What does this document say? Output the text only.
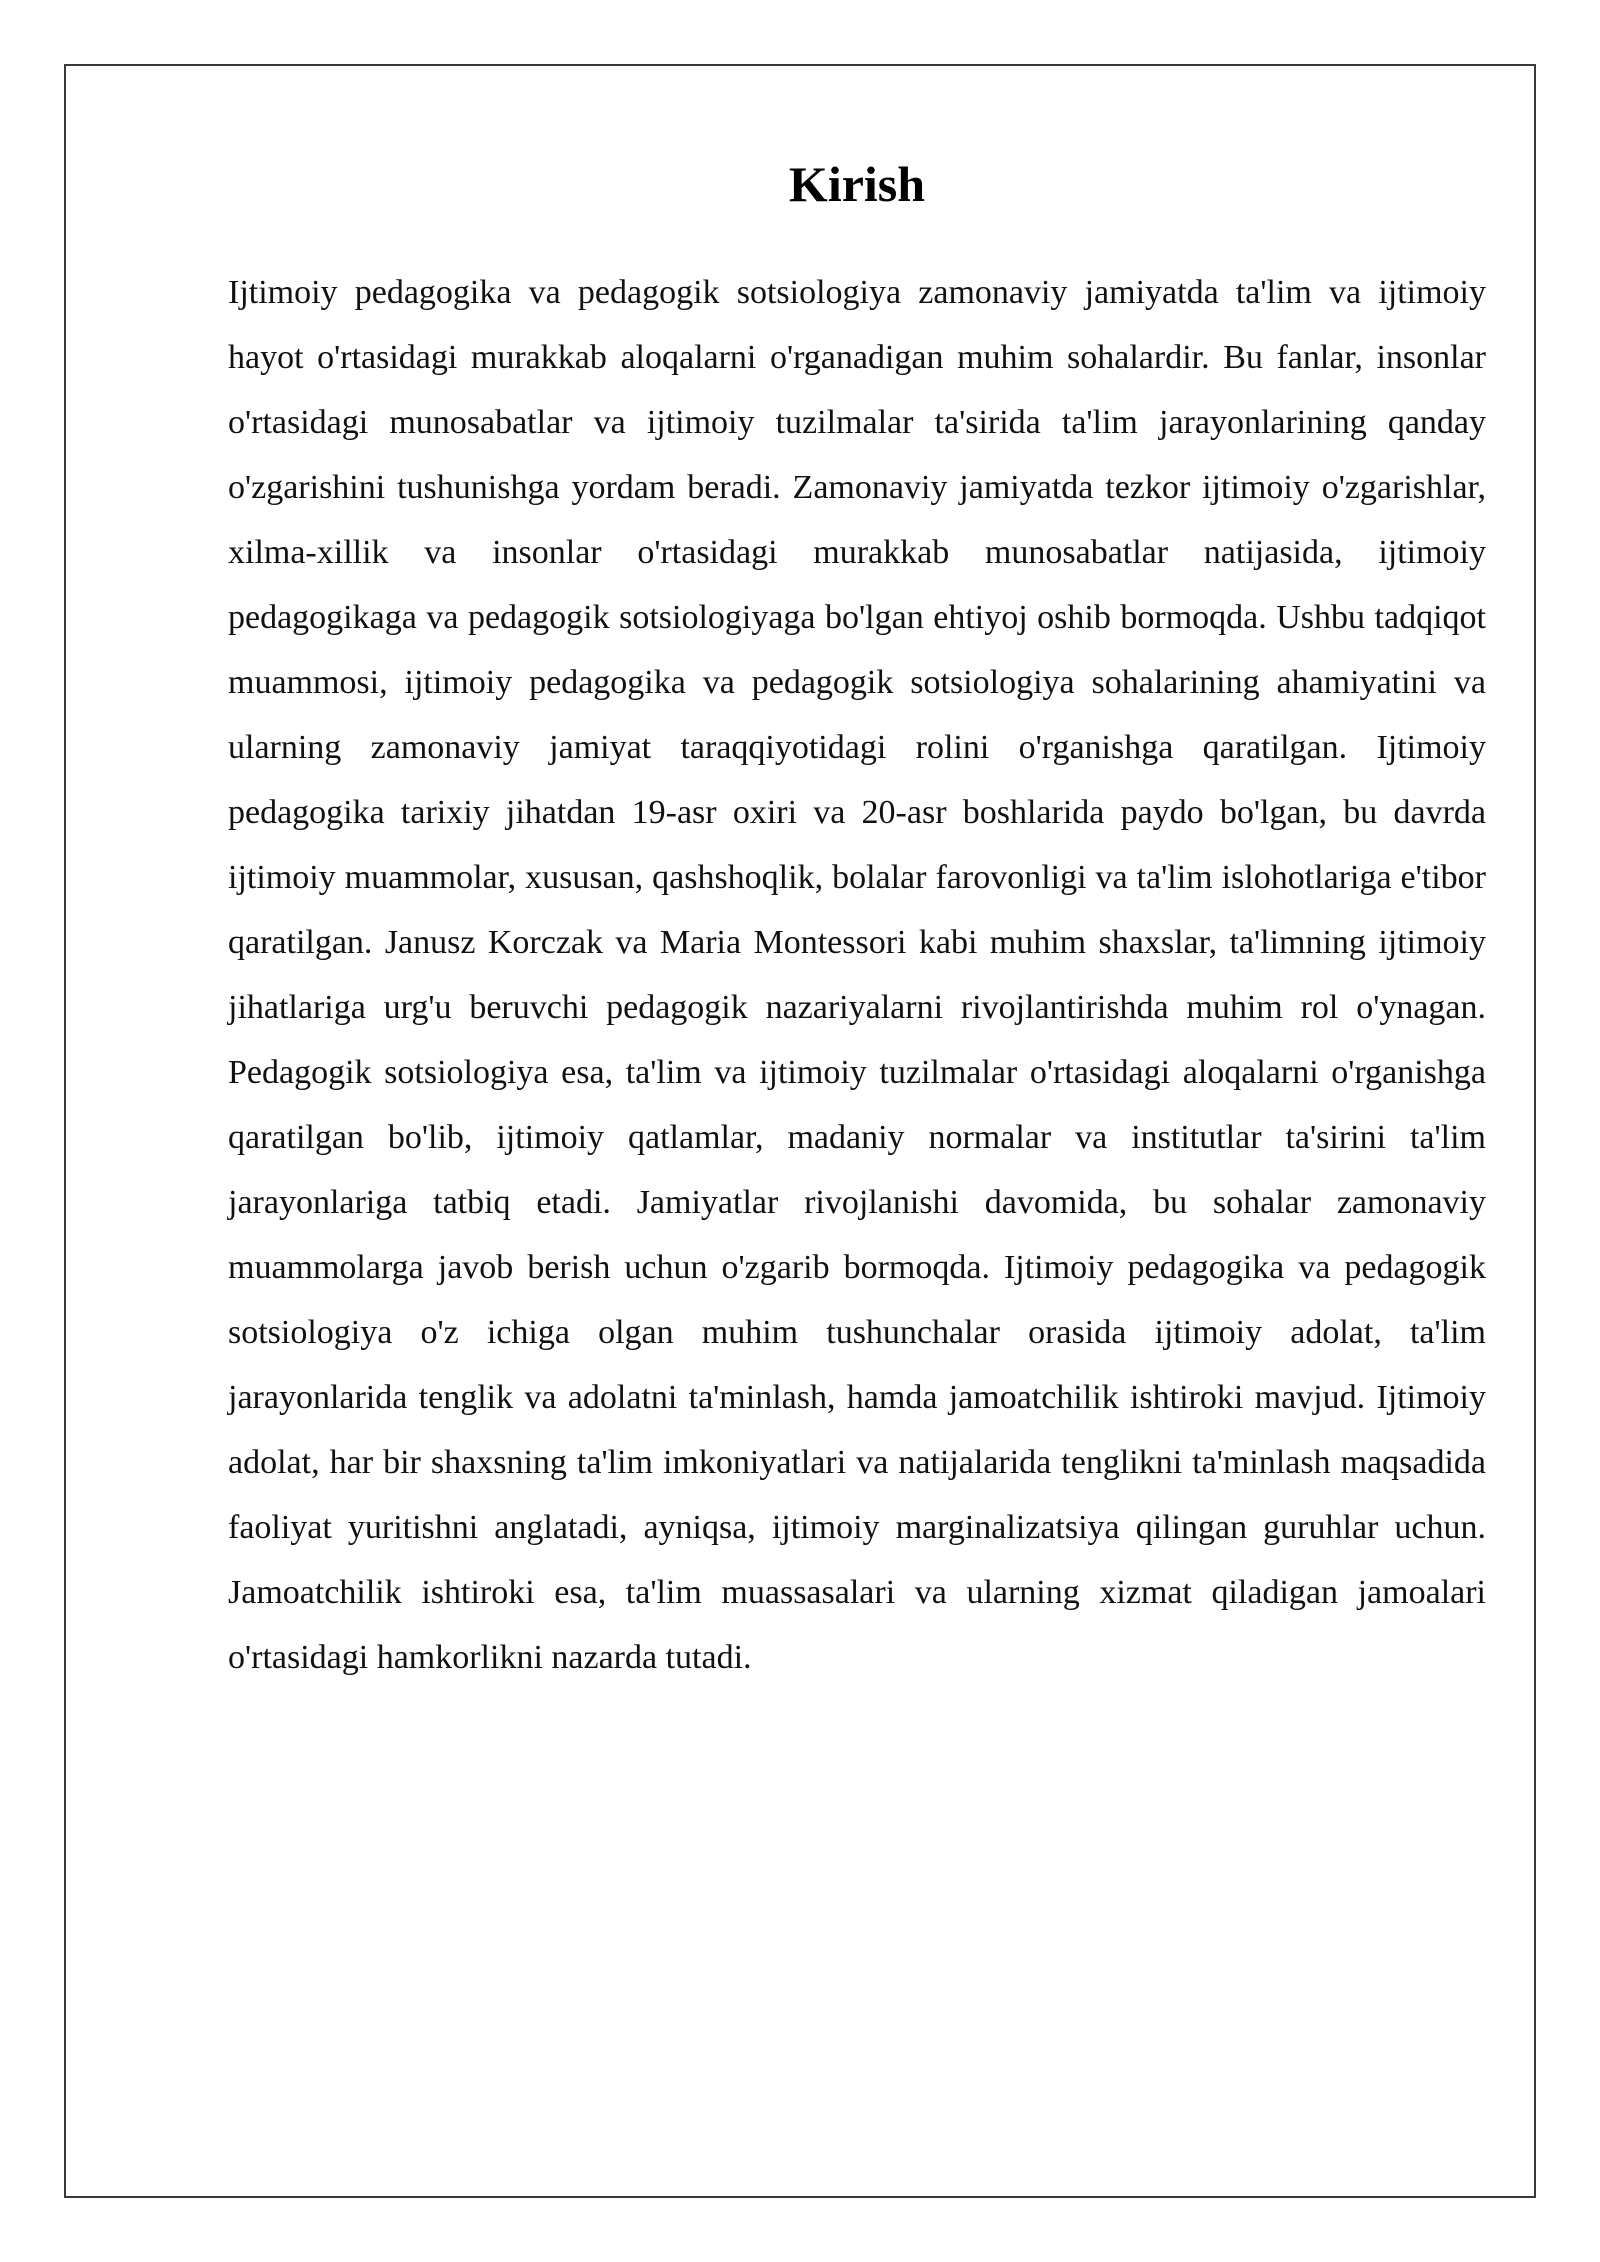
Kirish

Ijtimoiy pedagogika va pedagogik sotsiologiya zamonaviy jamiyatda ta'lim va ijtimoiy hayot o'rtasidagi murakkab aloqalarni o'rganadigan muhim sohalardir. Bu fanlar, insonlar o'rtasidagi munosabatlar va ijtimoiy tuzilmalar ta'sirida ta'lim jarayonlarining qanday o'zgarishini tushunishga yordam beradi. Zamonaviy jamiyatda tezkor ijtimoiy o'zgarishlar, xilma-xillik va insonlar o'rtasidagi murakkab munosabatlar natijasida, ijtimoiy pedagogikaga va pedagogik sotsiologiyaga bo'lgan ehtiyoj oshib bormoqda. Ushbu tadqiqot muammosi, ijtimoiy pedagogika va pedagogik sotsiologiya sohalarining ahamiyatini va ularning zamonaviy jamiyat taraqqiyotidagi rolini o'rganishga qaratilgan. Ijtimoiy pedagogika tarixiy jihatdan 19-asr oxiri va 20-asr boshlarida paydo bo'lgan, bu davrda ijtimoiy muammolar, xususan, qashshoqlik, bolalar farovonligi va ta'lim islohotlariga e'tibor qaratilgan. Janusz Korczak va Maria Montessori kabi muhim shaxslar, ta'limning ijtimoiy jihatlariga urg'u beruvchi pedagogik nazariyalarni rivojlantirishda muhim rol o'ynagan. Pedagogik sotsiologiya esa, ta'lim va ijtimoiy tuzilmalar o'rtasidagi aloqalarni o'rganishga qaratilgan bo'lib, ijtimoiy qatlamlar, madaniy normalar va institutlar ta'sirini ta'lim jarayonlariga tatbiq etadi. Jamiyatlar rivojlanishi davomida, bu sohalar zamonaviy muammolarga javob berish uchun o'zgarib bormoqda. Ijtimoiy pedagogika va pedagogik sotsiologiya o'z ichiga olgan muhim tushunchalar orasida ijtimoiy adolat, ta'lim jarayonlarida tenglik va adolatni ta'minlash, hamda jamoatchilik ishtiroki mavjud. Ijtimoiy adolat, har bir shaxsning ta'lim imkoniyatlari va natijalarida tenglikni ta'minlash maqsadida faoliyat yuritishni anglatadi, ayniqsa, ijtimoiy marginalizatsiya qilingan guruhlar uchun. Jamoatchilik ishtiroki esa, ta'lim muassasalari va ularning xizmat qiladigan jamoalari o'rtasidagi hamkorlikni nazarda tutadi.
